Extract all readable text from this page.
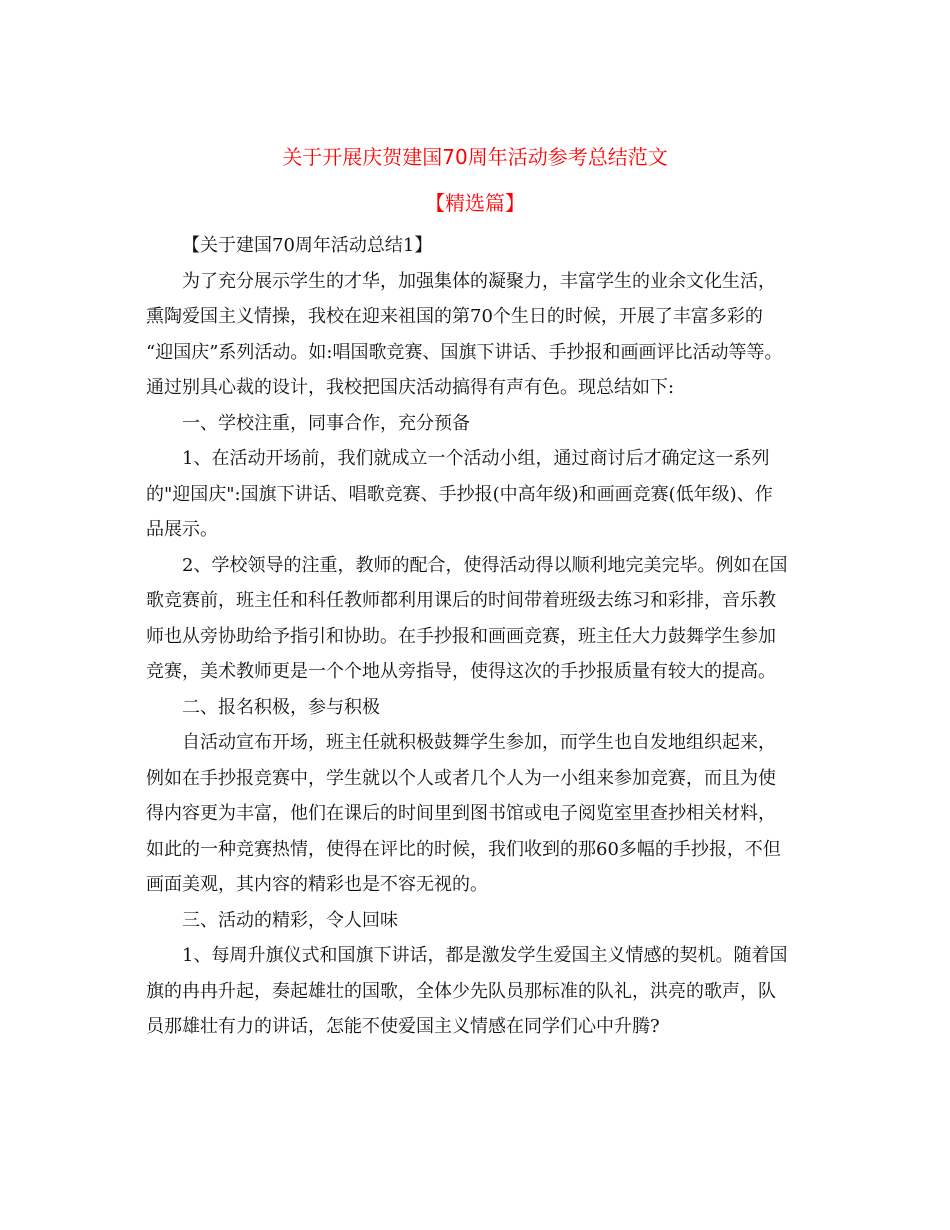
关于开展庆贺建国70周年活动参考总结范文
【精选篇】
【关于建国70周年活动总结1】
为了充分展示学生的才华，加强集体的凝聚力，丰富学生的业余文化生活，
熏陶爱国主义情操，我校在迎来祖国的第70个生日的时候，开展了丰富多彩的
“迎国庆”系列活动。如:唱国歌竞赛、国旗下讲话、手抄报和画画评比活动等等。
通过别具心裁的设计，我校把国庆活动搞得有声有色。现总结如下:
一、学校注重，同事合作，充分预备
1、在活动开场前，我们就成立一个活动小组，通过商讨后才确定这一系列
的"迎国庆":国旗下讲话、唱歌竞赛、手抄报(中高年级)和画画竞赛(低年级)、作
品展示。
2、学校领导的注重，教师的配合，使得活动得以顺利地完美完毕。例如在国
歌竞赛前，班主任和科任教师都利用课后的时间带着班级去练习和彩排，音乐教
师也从旁协助给予指引和协助。在手抄报和画画竞赛，班主任大力鼓舞学生参加
竞赛，美术教师更是一个个地从旁指导，使得这次的手抄报质量有较大的提高。
二、报名积极，参与积极
自活动宣布开场，班主任就积极鼓舞学生参加，而学生也自发地组织起来，
例如在手抄报竞赛中，学生就以个人或者几个人为一小组来参加竞赛，而且为使
得内容更为丰富，他们在课后的时间里到图书馆或电子阅览室里查抄相关材料，
如此的一种竞赛热情，使得在评比的时候，我们收到的那60多幅的手抄报，不但
画面美观，其内容的精彩也是不容无视的。
三、活动的精彩，令人回味
1、每周升旗仪式和国旗下讲话，都是激发学生爱国主义情感的契机。随着国
旗的冉冉升起，奏起雄壮的国歌，全体少先队员那标准的队礼，洪亮的歌声，队
员那雄壮有力的讲话，怎能不使爱国主义情感在同学们心中升腾?
